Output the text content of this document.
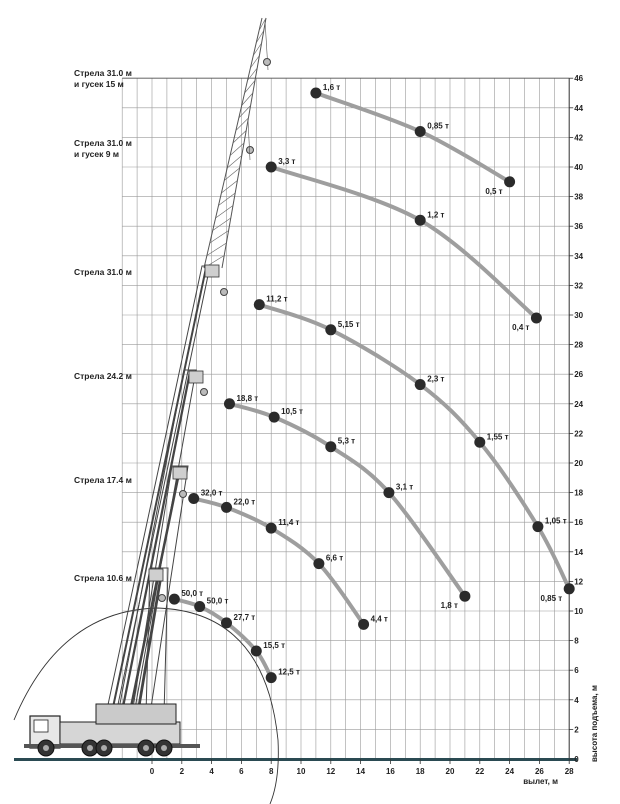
50,0 т
50,0 т
27,7 т
15,5 т
12,5 т
32,0 т
22,0 т
11,4 т
6,6 т
4,4 т
18,8 т
10,5 т
5,3 т
3,1 т
1,8 т
11,2 т
5,15 т
2,3 т
1,55 т
1,05 т
0,85 т
3,3 т
1,2 т
0,4 т
1,6 т
0,85 т
0,5 т
Стрела 10.6 м
Стрела 17.4 м
Стрела 24.2 м
Стрела 31.0 м
Стрела 31.0 м
и гусек 9 м
Стрела 31.0 м
и гусек 15 м
вылет, м
высота подъема, м
0	2	4	6	8	10	12	14	16	18	20	22	24	26	28
0
2
4
6
8
10
12
14
16
18
20
22
24
26
28
30
32
34
36
38
40
42
44
46
